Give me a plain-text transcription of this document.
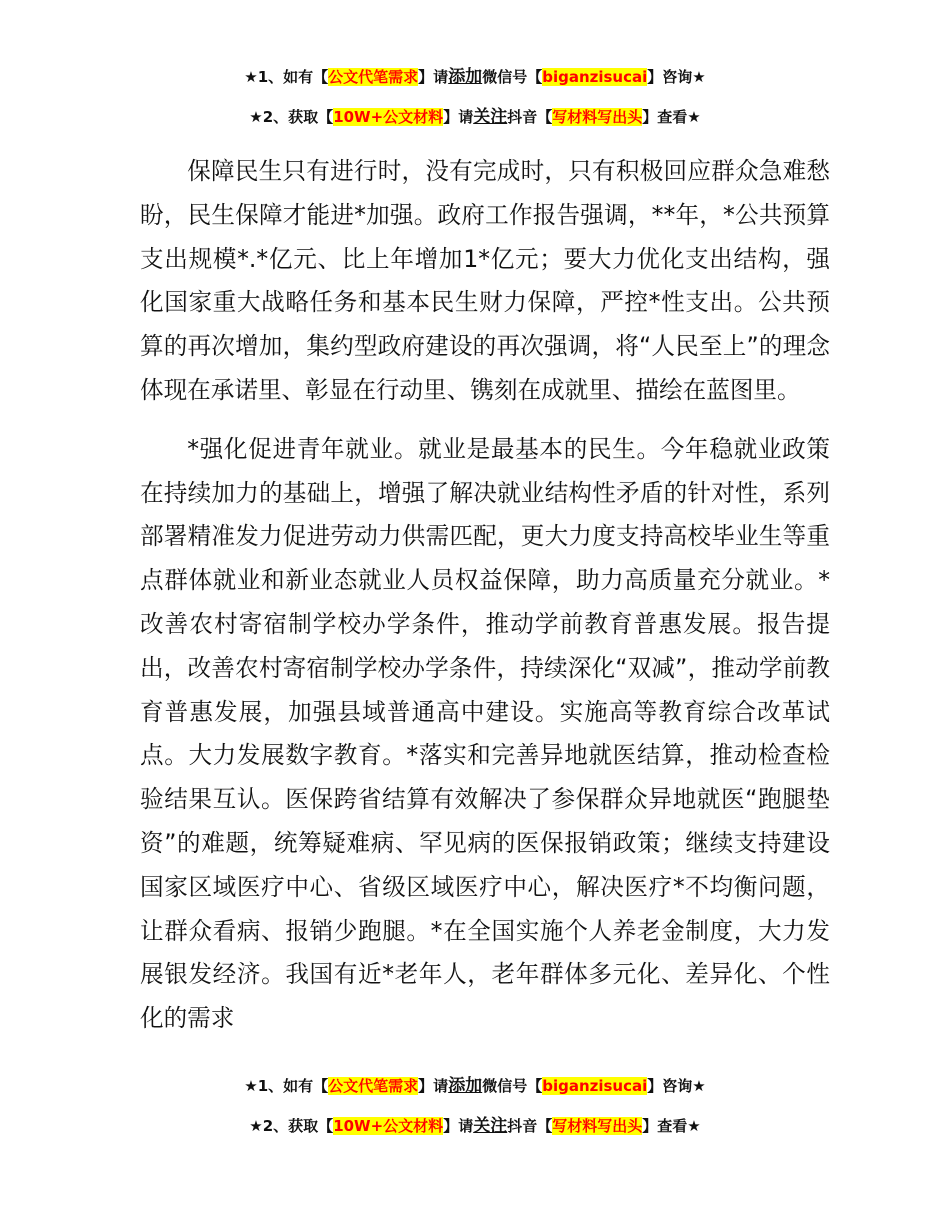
★1、如有【公文代笔需求】请添加微信号【biganzisucai】咨询★
★2、获取【10W+公文材料】请关注抖音【写材料写出头】查看★

保障民生只有进行时，没有完成时，只有积极回应群众急难愁盼，民生保障才能进*加强。政府工作报告强调，**年，*公共预算支出规模*.*亿元、比上年增加1*亿元；要大力优化支出结构，强化国家重大战略任务和基本民生财力保障，严控*性支出。公共预算的再次增加，集约型政府建设的再次强调，将“人民至上”的理念体现在承诺里、彰显在行动里、镌刻在成就里、描绘在蓝图里。

*强化促进青年就业。就业是最基本的民生。今年稳就业政策在持续加力的基础上，增强了解决就业结构性矛盾的针对性，系列部署精准发力促进劳动力供需匹配，更大力度支持高校毕业生等重点群体就业和新业态就业人员权益保障，助力高质量充分就业。*改善农村寄宿制学校办学条件，推动学前教育普惠发展。报告提出，改善农村寄宿制学校办学条件，持续深化“双减”，推动学前教育普惠发展，加强县域普通高中建设。实施高等教育综合改革试点。大力发展数字教育。*落实和完善异地就医结算，推动检查检验结果互认。医保跨省结算有效解决了参保群众异地就医“跑腿垫资”的难题，统筹疑难病、罕见病的医保报销政策；继续支持建设国家区域医疗中心、省级区域医疗中心，解决医疗*不均衡问题，让群众看病、报销少跑腿。*在全国实施个人养老金制度，大力发展银发经济。我国有近*老年人，老年群体多元化、差异化、个性化的需求

★1、如有【公文代笔需求】请添加微信号【biganzisucai】咨询★
★2、获取【10W+公文材料】请关注抖音【写材料写出头】查看★
